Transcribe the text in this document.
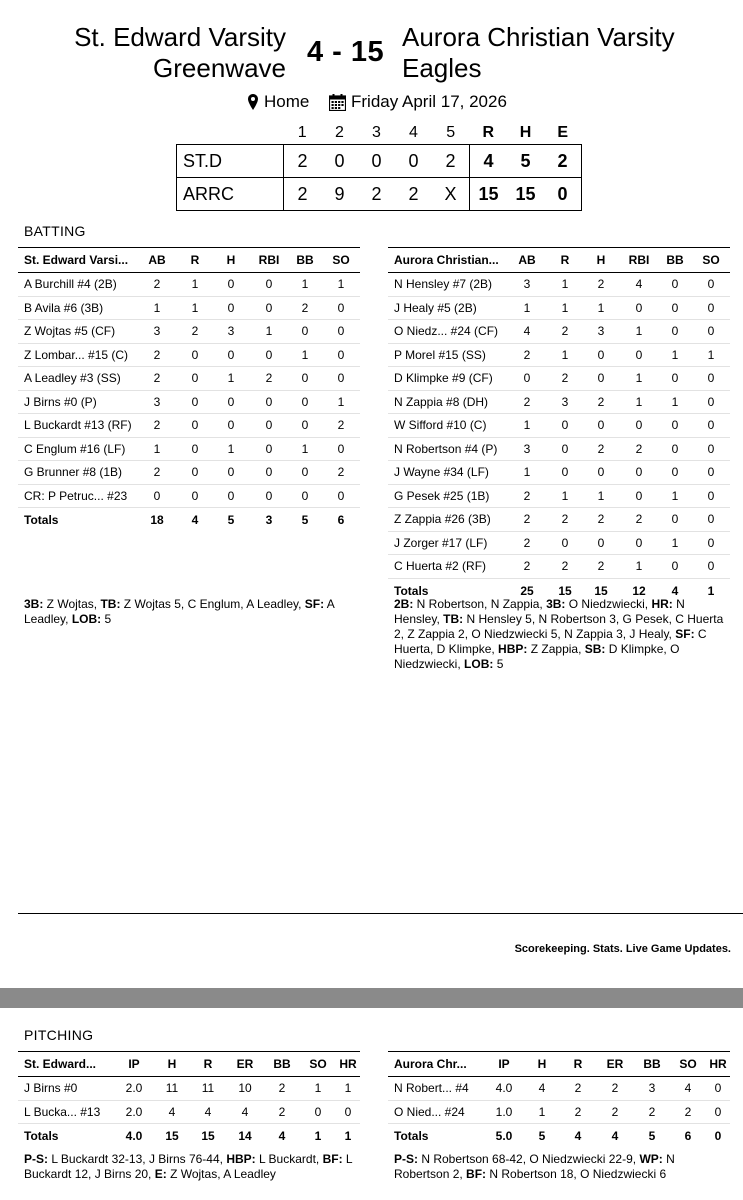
St. Edward Varsity
Greenwave 4 - 15 Aurora Christian Varsity
Eagles
Home Friday April 17, 2026
	1	2	3	4	5	R	H	E
ST.D	2	0	0	0	2	4	5	2
ARRC	2	9	2	2	X	15	15	0
BATTING
St. Edward Varsi...	AB	R	H	RBI	BB	SO
A Burchill #4 (2B)	2	1	0	0	1	1
B Avila #6 (3B)	1	1	0	0	2	0
Z Wojtas #5 (CF)	3	2	3	1	0	0
Z Lombar... #15 (C)	2	0	0	0	1	0
A Leadley #3 (SS)	2	0	1	2	0	0
J Birns #0 (P)	3	0	0	0	0	1
L Buckardt #13 (RF)	2	0	0	0	0	2
C Englum #16 (LF)	1	0	1	0	1	0
G Brunner #8 (1B)	2	0	0	0	0	2
CR: P Petruc... #23	0	0	0	0	0	0
Totals	18	4	5	3	5	6
Aurora Christian...	AB	R	H	RBI	BB	SO
N Hensley #7 (2B)	3	1	2	4	0	0
J Healy #5 (2B)	1	1	1	0	0	0
O Niedz... #24 (CF)	4	2	3	1	0	0
P Morel #15 (SS)	2	1	0	0	1	1
D Klimpke #9 (CF)	0	2	0	1	0	0
N Zappia #8 (DH)	2	3	2	1	1	0
W Sifford #10 (C)	1	0	0	0	0	0
N Robertson #4 (P)	3	0	2	2	0	0
J Wayne #34 (LF)	1	0	0	0	0	0
G Pesek #25 (1B)	2	1	1	0	1	0
Z Zappia #26 (3B)	2	2	2	2	0	0
J Zorger #17 (LF)	2	0	0	0	1	0
C Huerta #2 (RF)	2	2	2	1	0	0
Totals	25	15	15	12	4	1
3B: Z Wojtas, TB: Z Wojtas 5, C Englum, A Leadley, SF: A Leadley, LOB: 5
2B: N Robertson, N Zappia, 3B: O Niedzwiecki, HR: N Hensley, TB: N Hensley 5, N Robertson 3, G Pesek, C Huerta 2, Z Zappia 2, O Niedzwiecki 5, N Zappia 3, J Healy, SF: C Huerta, D Klimpke, HBP: Z Zappia, SB: D Klimpke, O Niedzwiecki, LOB: 5
Scorekeeping. Stats. Live Game Updates.
PITCHING
St. Edward...	IP	H	R	ER	BB	SO	HR
J Birns #0	2.0	11	11	10	2	1	1
L Bucka... #13	2.0	4	4	4	2	0	0
Totals	4.0	15	15	14	4	1	1
Aurora Chr...	IP	H	R	ER	BB	SO	HR
N Robert... #4	4.0	4	2	2	3	4	0
O Nied... #24	1.0	1	2	2	2	2	0
Totals	5.0	5	4	4	5	6	0
P-S: L Buckardt 32-13, J Birns 76-44, HBP: L Buckardt, BF: L Buckardt 12, J Birns 20, E: Z Wojtas, A Leadley
P-S: N Robertson 68-42, O Niedzwiecki 22-9, WP: N Robertson 2, BF: N Robertson 18, O Niedzwiecki 6
